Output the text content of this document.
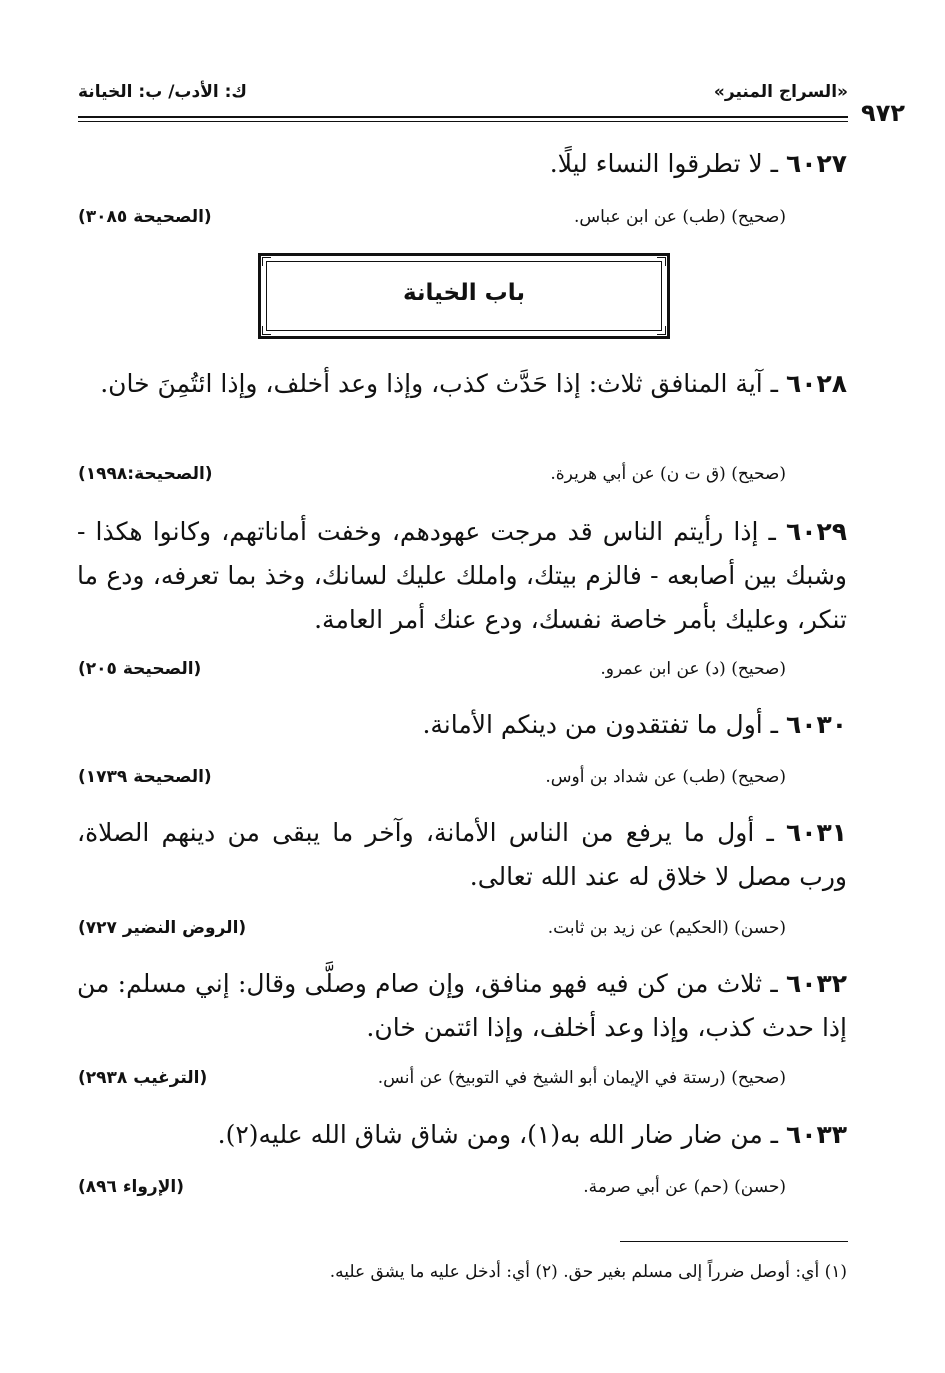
«السراج المنير»
ك: الأدب/ ب: الخيانة
٩٧٢
٦٠٢٧ ـ لا تطرقوا النساء ليلًا.
(صحيح) (طب) عن ابن عباس.
(الصحيحة ٣٠٨٥)
باب الخيانة
٦٠٢٨ ـ آية المنافق ثلاث: إذا حَدَّث كذب، وإذا وعد أخلف، وإذا ائتُمِنَ خان.
(صحيح) (ق ت ن) عن أبي هريرة.
(الصحيحة:١٩٩٨)
٦٠٢٩ ـ إذا رأيتم الناس قد مرجت عهودهم، وخفت أماناتهم، وكانوا هكذا - وشبك بين أصابعه - فالزم بيتك، واملك عليك لسانك، وخذ بما تعرفه، ودع ما تنكر، وعليك بأمر خاصة نفسك، ودع عنك أمر العامة.
(صحيح) (د) عن ابن عمرو.
(الصحيحة ٢٠٥)
٦٠٣٠ ـ أول ما تفتقدون من دينكم الأمانة.
(صحيح) (طب) عن شداد بن أوس.
(الصحيحة ١٧٣٩)
٦٠٣١ ـ أول ما يرفع من الناس الأمانة، وآخر ما يبقى من دينهم الصلاة، ورب مصل لا خلاق له عند الله تعالى.
(حسن) (الحكيم) عن زيد بن ثابت.
(الروض النضير ٧٢٧)
٦٠٣٢ ـ ثلاث من كن فيه فهو منافق، وإن صام وصلَّى وقال: إني مسلم: من إذا حدث كذب، وإذا وعد أخلف، وإذا ائتمن خان.
(صحيح) (رستة في الإيمان أبو الشيخ في التوبيخ) عن أنس.
(الترغيب ٢٩٣٨)
٦٠٣٣ ـ من ضار ضار الله به(١)، ومن شاق شاق الله عليه(٢).
(حسن) (حم) عن أبي صرمة.
(الإرواء ٨٩٦)
(١) أي: أوصل ضرراً إلى مسلم بغير حق. (٢) أي: أدخل عليه ما يشق عليه.
